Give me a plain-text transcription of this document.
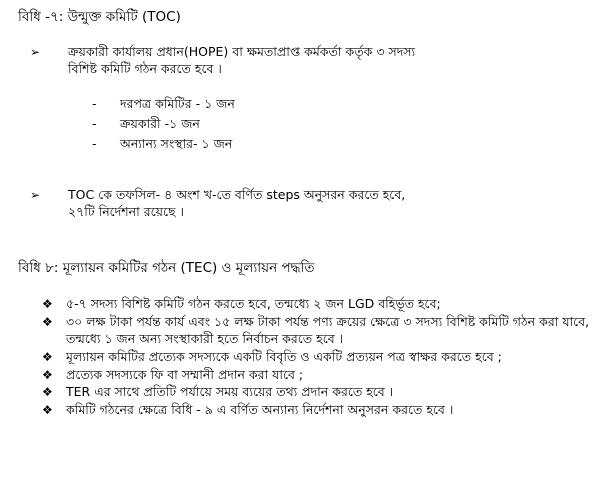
বিধি -৭: উন্মুক্ত কমিটি (TOC)
➢ ক্রয়কারী কার্যালয় প্রধান(HOPE) বা ক্ষমতাপ্রাপ্ত কর্মকর্তা কর্তৃক ৩ সদস্য
বিশিষ্ট কমিটি গঠন করতে হবে ।
- দরপত্র কমিটির - ১ জন
- ক্রয়কারী -১ জন
- অন্যান্য সংস্থার- ১ জন
➢ TOC কে তফসিল- ৪ অংশ খ-তে বর্ণিত steps অনুসরন করতে হবে,
২৭টি নির্দেশনা রয়েছে ।
বিধি ৮: মূল্যায়ন কমিটির গঠন (TEC) ও মূল্যায়ন পদ্ধতি
❖ ৫-৭ সদস্য বিশিষ্ট কমিটি গঠন করতে হবে, তন্মধ্যে ২ জন LGD বহির্ভূত হবে;
❖ ৩০ লক্ষ টাকা পর্যন্ত কার্য এবং ১৫ লক্ষ টাকা পর্যন্ত পণ্য ক্রয়ের ক্ষেত্রে ৩ সদস্য বিশিষ্ট কমিটি গঠন করা যাবে, তন্মধ্যে ১ জন অন্য সংস্থাকারী হতে নির্বাচন করতে হবে ।
❖ মূল্যায়ন কমিটির প্রত্যেক সদস্যকে একটি বিবৃতি ও একটি প্রত্যয়ন পত্র স্বাক্ষর করতে হবে ;
❖ প্রত্যেক সদস্যকে ফি বা সম্মানী প্রদান করা যাবে ;
❖ TER এর সাথে প্রতিটি পর্যায়ে সময় ব্যয়ের তথ্য প্রদান করতে হবে ।
❖ কমিটি গঠনের ক্ষেত্রে বিধি - ৯ এ বর্ণিত অন্যান্য নির্দেশনা অনুসরন করতে হবে ।
